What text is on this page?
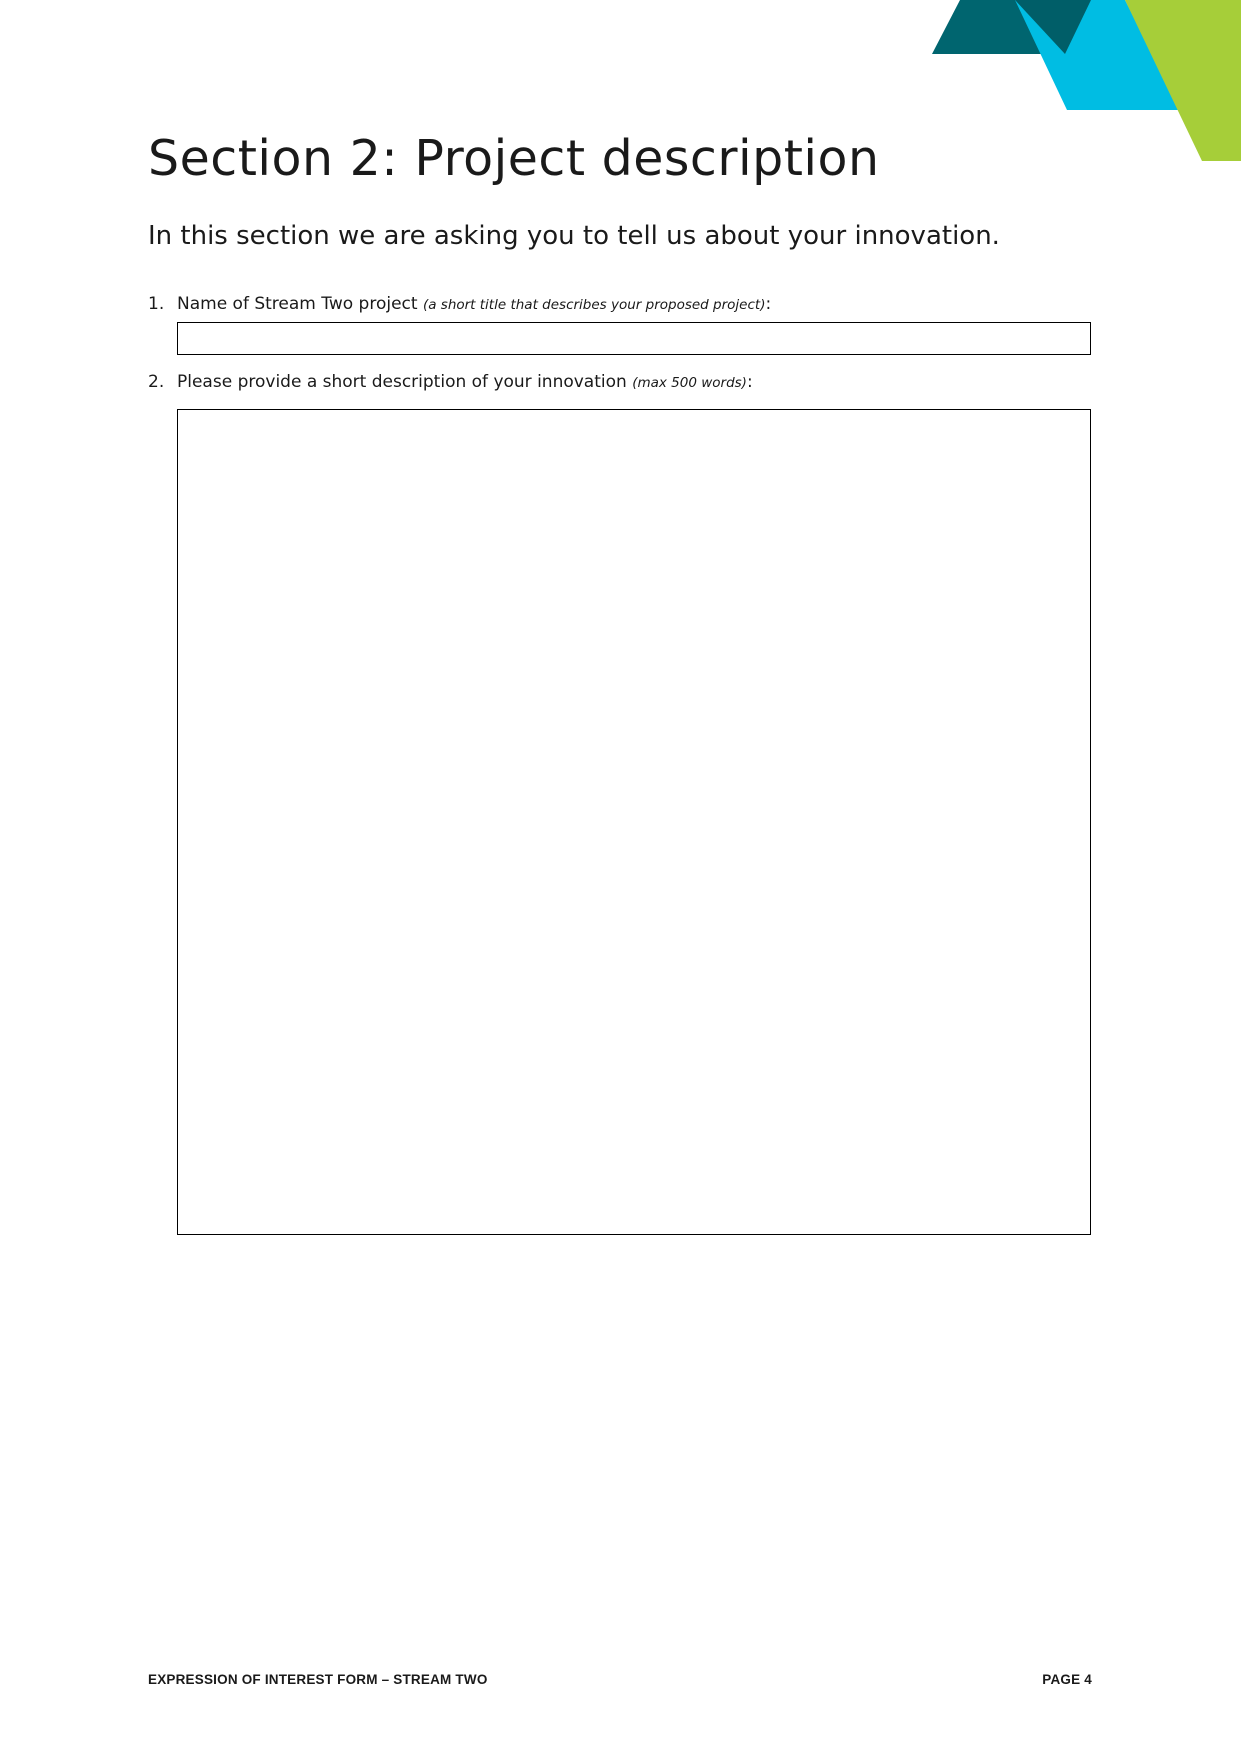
Section 2: Project description

In this section we are asking you to tell us about your innovation.

1. Name of Stream Two project (a short title that describes your proposed project):
2. Please provide a short description of your innovation (max 500 words):
EXPRESSION OF INTEREST FORM – STREAM TWO	PAGE 4
